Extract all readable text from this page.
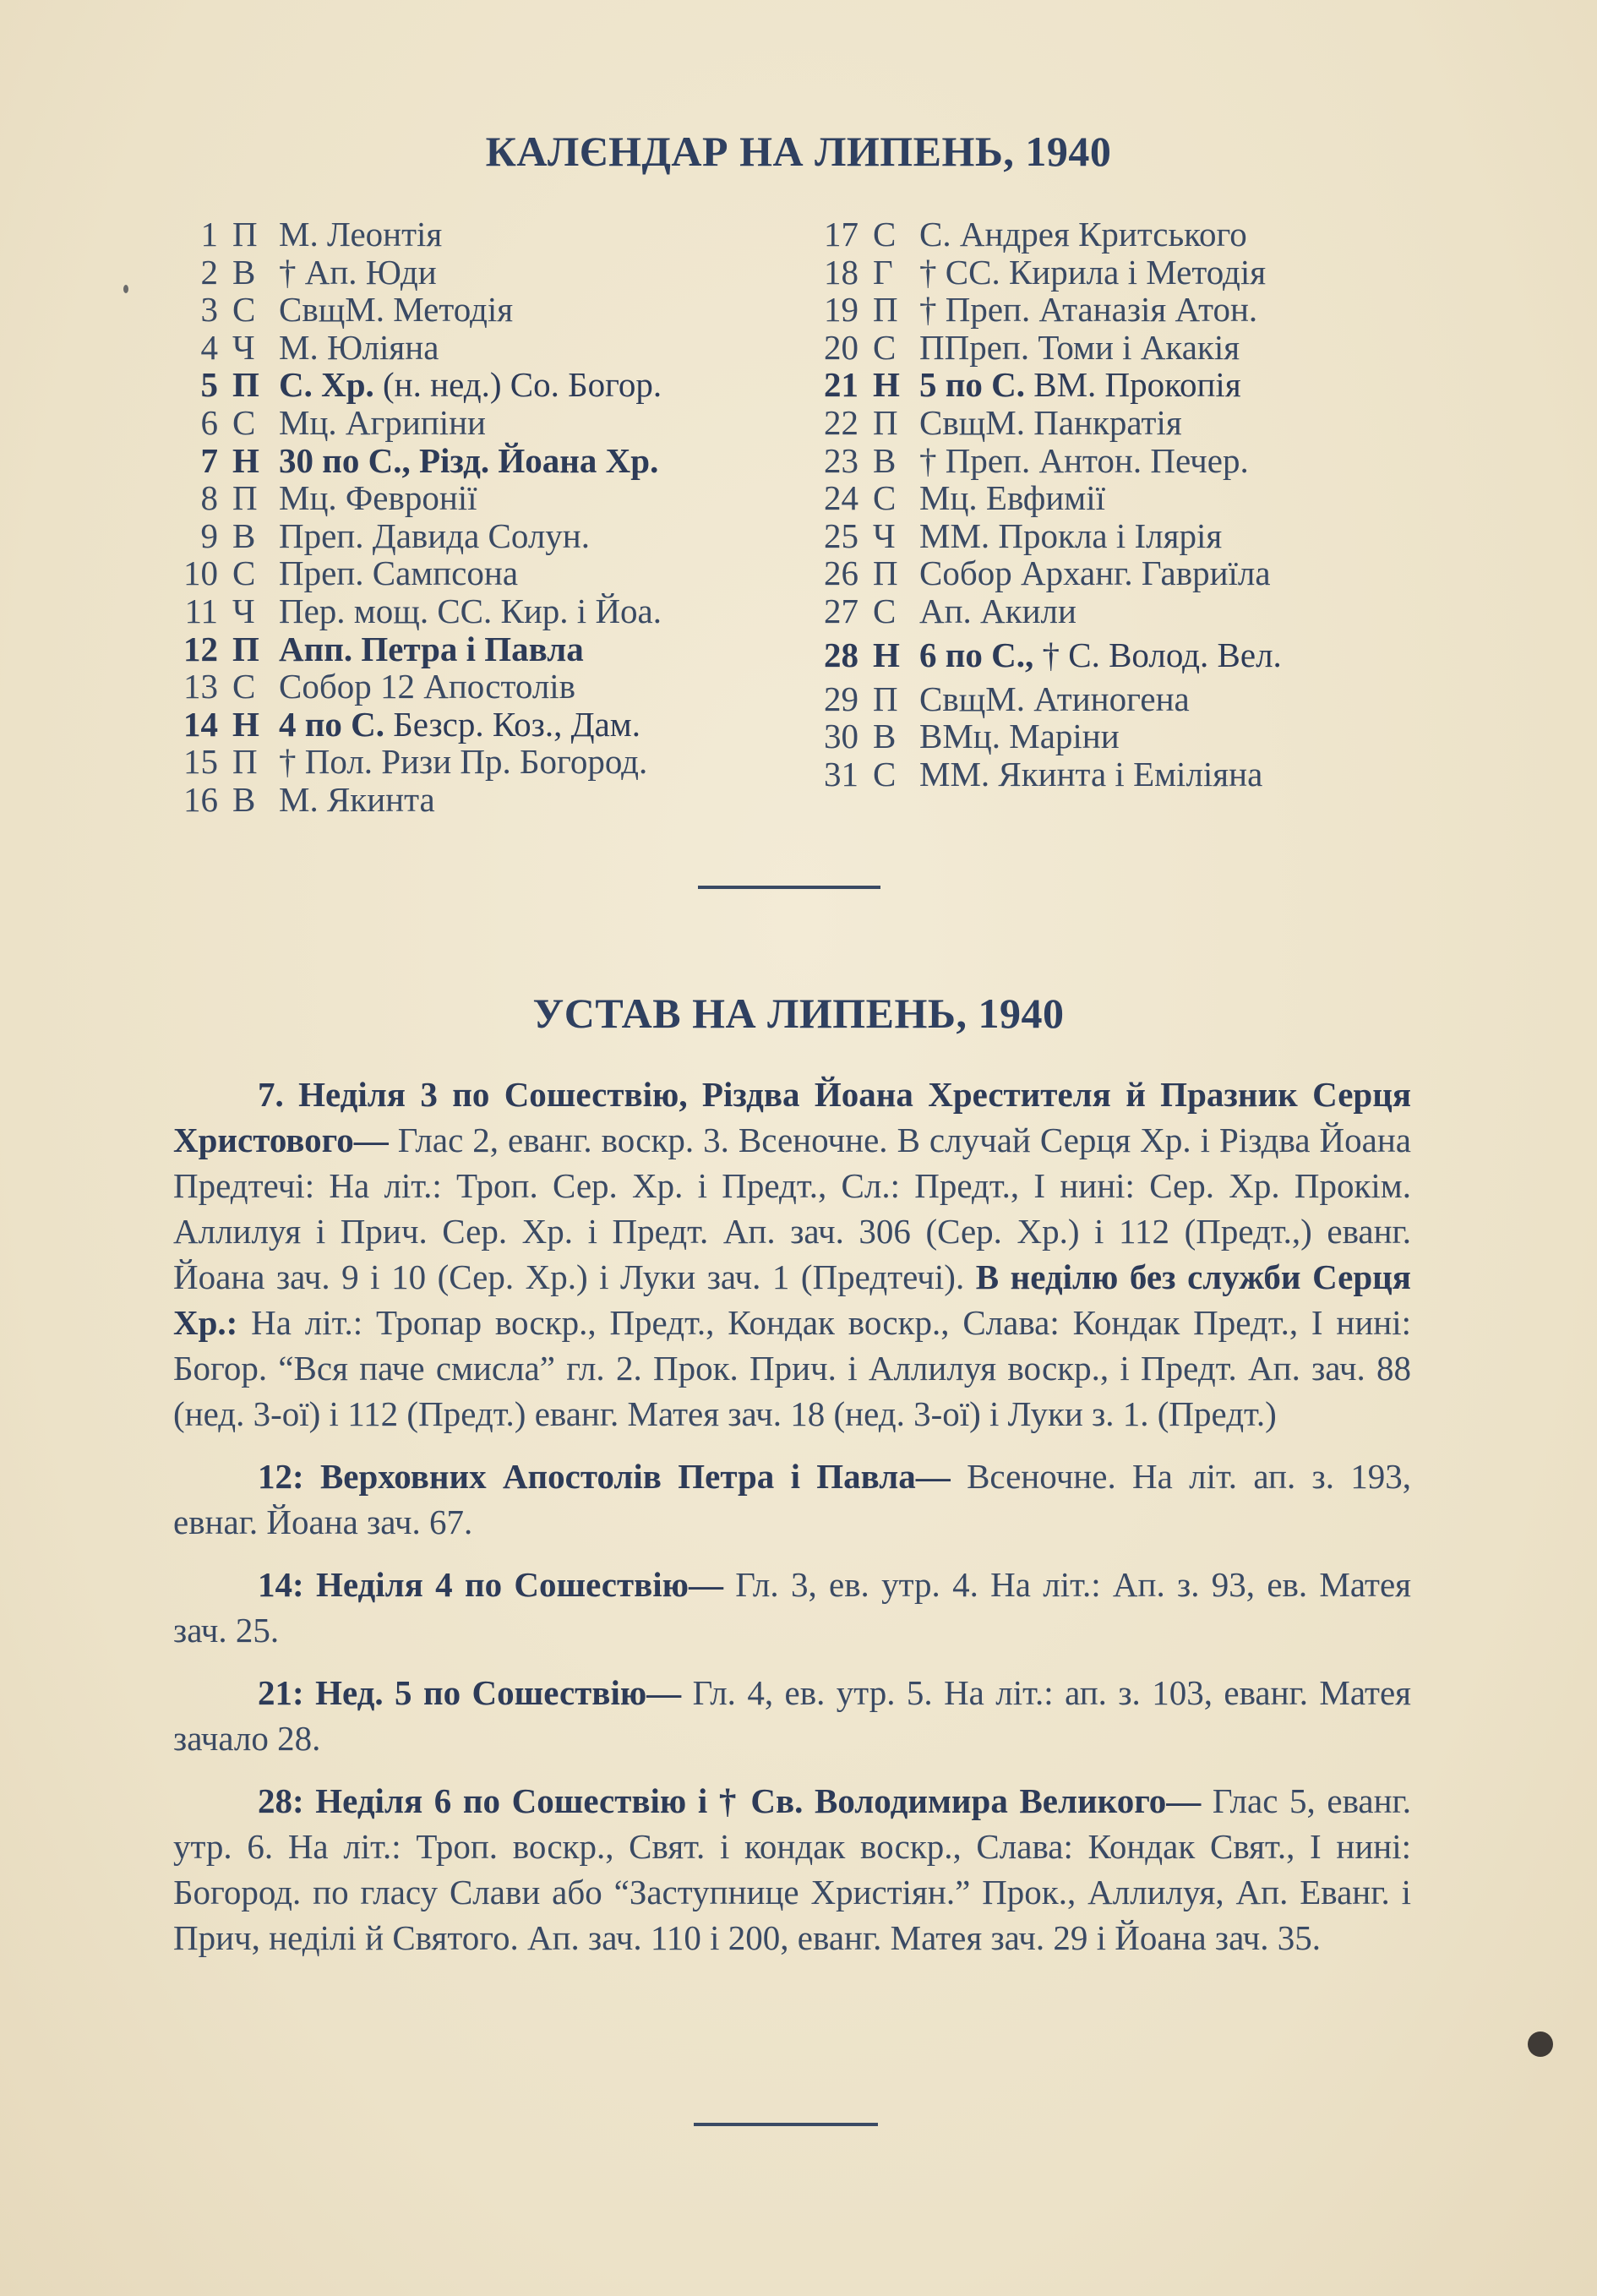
КАЛЄНДАР НА ЛИПЕНЬ, 1940
1 П М. Леонтія
2 В † Ап. Юди
3 С СвщМ. Методія
4 Ч М. Юліяна
5 П С. Хр. (н. нед.) Со. Богор.
6 С Мц. Агрипіни
7 Н 30 по С., Різд. Йоана Хр.
8 П Мц. Февронії
9 В Преп. Давида Солун.
10 С Преп. Сампсона
11 Ч Пер. мощ. СС. Кир. і Йоа.
12 П Апп. Петра і Павла
13 С Собор 12 Апостолів
14 Н 4 по С. Безср. Коз., Дам.
15 П † Пол. Ризи Пр. Богород.
16 В М. Якинта
17 С С. Андрея Критського
18 Г † СС. Кирила і Методія
19 П † Преп. Атаназія Атон.
20 С ППреп. Томи і Акакія
21 Н 5 по С. ВМ. Прокопія
22 П СвщМ. Панкратія
23 В † Преп. Антон. Печер.
24 С Мц. Евфимії
25 Ч ММ. Прокла і Ілярія
26 П Собор Арханг. Гавриїла
27 С Ап. Акили
28 Н 6 по С., † С. Волод. Вел.
29 П СвщМ. Атиногена
30 В ВМц. Маріни
31 С ММ. Якинта і Емiліяна
УСТАВ НА ЛИПЕНЬ, 1940

7. Неділя 3 по Сошествію, Різдва Йоана Хрестителя й Празник Серця Христового— Глас 2, еванг. воскр. 3. Всеночне. В случай Серця Хр. і Різдва Йоана Предтечі: На літ.: Троп. Сер. Хр. і Предт., Сл.: Предт., І нині: Сер. Хр. Прокім. Аллилуя і Прич. Сер. Хр. і Предт. Ап. зач. 306 (Сер. Хр.) і 112 (Предт.,) еванг. Йоана зач. 9 і 10 (Сер. Хр.) і Луки зач. 1 (Предтечі). В неділю без служби Серця Хр.: На літ.: Тропар воскр., Предт., Кондак воскр., Слава: Кондак Предт., І нині: Богор. “Вся паче смисла” гл. 2. Прок. Прич. і Аллилуя воскр., і Предт. Ап. зач. 88 (нед. 3-ої) і 112 (Предт.) еванг. Матея зач. 18 (нед. 3-ої) і Луки з. 1. (Предт.)

12: Верховних Апостолів Петра і Павла— Всеночне. На літ. ап. з. 193, евнаг. Йоана зач. 67.

14: Неділя 4 по Сошествію— Гл. 3, ев. утр. 4. На літ.: Ап. з. 93, ев. Матея зач. 25.

21: Нед. 5 по Сошествію— Гл. 4, ев. утр. 5. На літ.: ап. з. 103, еванг. Матея зачало 28.

28: Неділя 6 по Сошествію і † Св. Володимира Великого— Глас 5, еванг. утр. 6. На літ.: Троп. воскр., Свят. і кондак воскр., Слава: Кондак Свят., І нині: Богород. по гласу Слави або “Заступнице Христіян.” Прок., Аллилуя, Ап. Еванг. і Прич, неділі й Святого. Ап. зач. 110 і 200, еванг. Матея зач. 29 і Йоана зач. 35.
